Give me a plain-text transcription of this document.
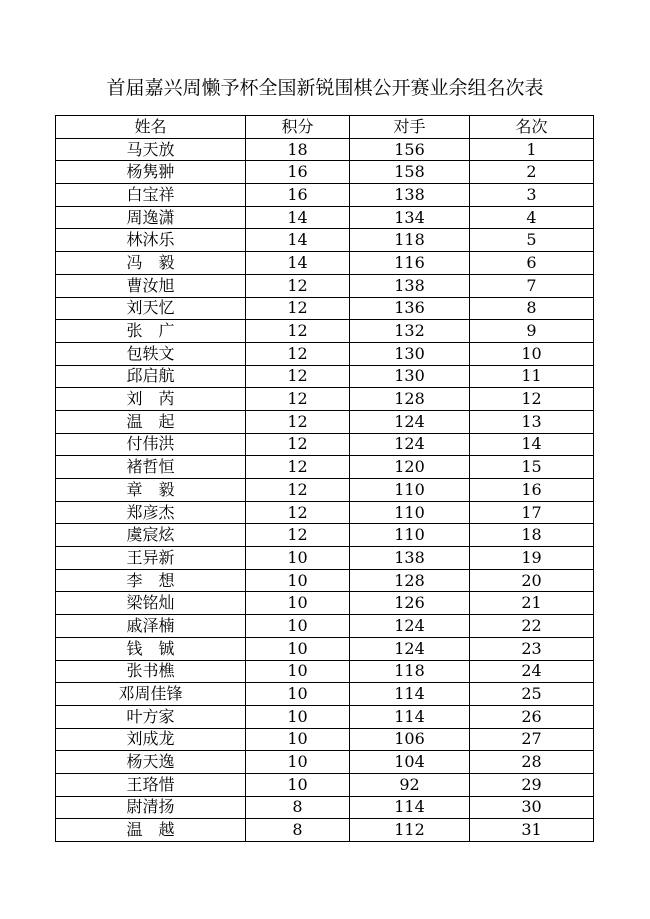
首届嘉兴周懒予杯全国新锐围棋公开赛业余组名次表
姓名	积分	对手	名次
马天放	18	156	1
杨隽翀	16	158	2
白宝祥	16	138	3
周逸潇	14	134	4
林沐乐	14	118	5
冯　毅	14	116	6
曹汝旭	12	138	7
刘天忆	12	136	8
张　广	12	132	9
包轶文	12	130	10
邱启航	12	130	11
刘　芮	12	128	12
温　起	12	124	13
付伟洪	12	124	14
褚哲恒	12	120	15
章　毅	12	110	16
郑彦杰	12	110	17
虞宸炫	12	110	18
王异新	10	138	19
李　想	10	128	20
梁铭灿	10	126	21
戚泽楠	10	124	22
钱　铖	10	124	23
张书樵	10	118	24
邓周佳锋	10	114	25
叶方家	10	114	26
刘成龙	10	106	27
杨天逸	10	104	28
王珞惜	10	92	29
尉清扬	8	114	30
温　越	8	112	31
